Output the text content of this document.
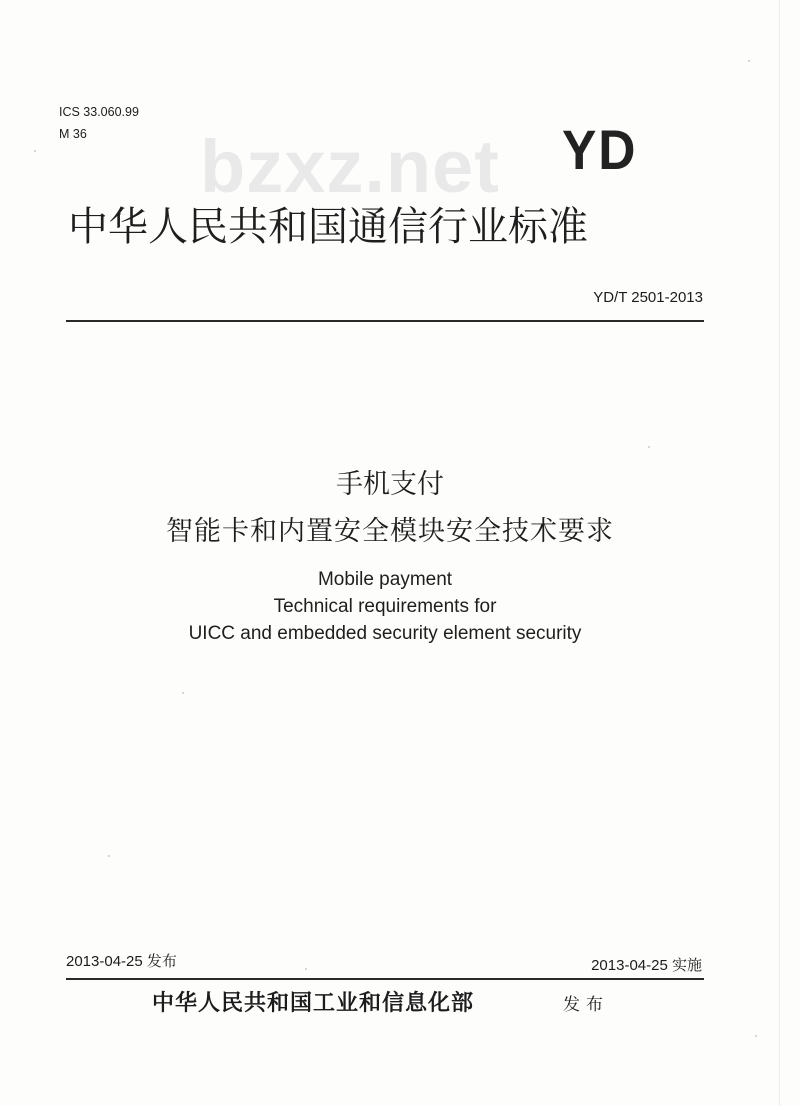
ICS 33.060.99
M 36 bzxz.net YD
中华人民共和国通信行业标准
YD/T 2501-2013
手机支付
智能卡和内置安全模块安全技术要求
Mobile payment
Technical requirements for
UICC and embedded security element security
2013-04-25 发布	2013-04-25 实施
中华人民共和国工业和信息化部	发布
